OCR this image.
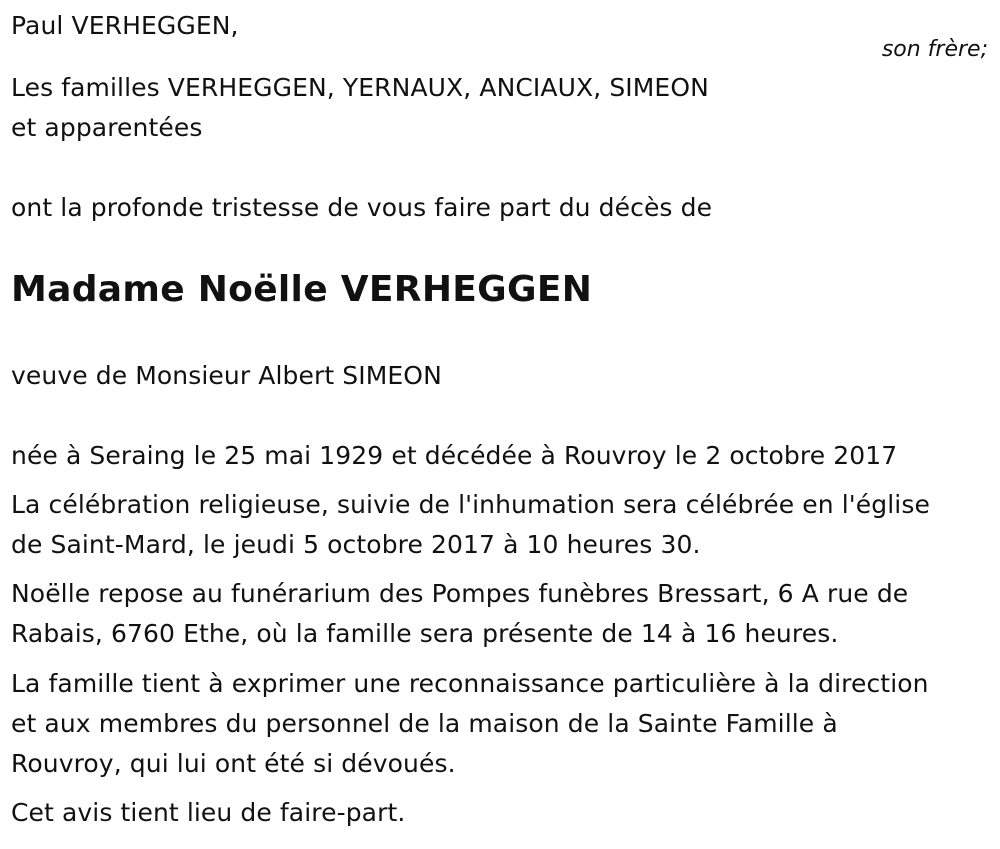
Paul VERHEGGEN,
son frère;
Les familles VERHEGGEN, YERNAUX, ANCIAUX, SIMEON
et apparentées
ont la profonde tristesse de vous faire part du décès de
Madame Noëlle VERHEGGEN
veuve de Monsieur Albert SIMEON
née à Seraing le 25 mai 1929 et décédée à Rouvroy le 2 octobre 2017
La célébration religieuse, suivie de l'inhumation sera célébrée en l'église
de Saint-Mard, le jeudi 5 octobre 2017 à 10 heures 30.
Noëlle repose au funérarium des Pompes funèbres Bressart, 6 A rue de
Rabais, 6760 Ethe, où la famille sera présente de 14 à 16 heures.
La famille tient à exprimer une reconnaissance particulière à la direction
et aux membres du personnel de la maison de la Sainte Famille à
Rouvroy, qui lui ont été si dévoués.
Cet avis tient lieu de faire-part.
